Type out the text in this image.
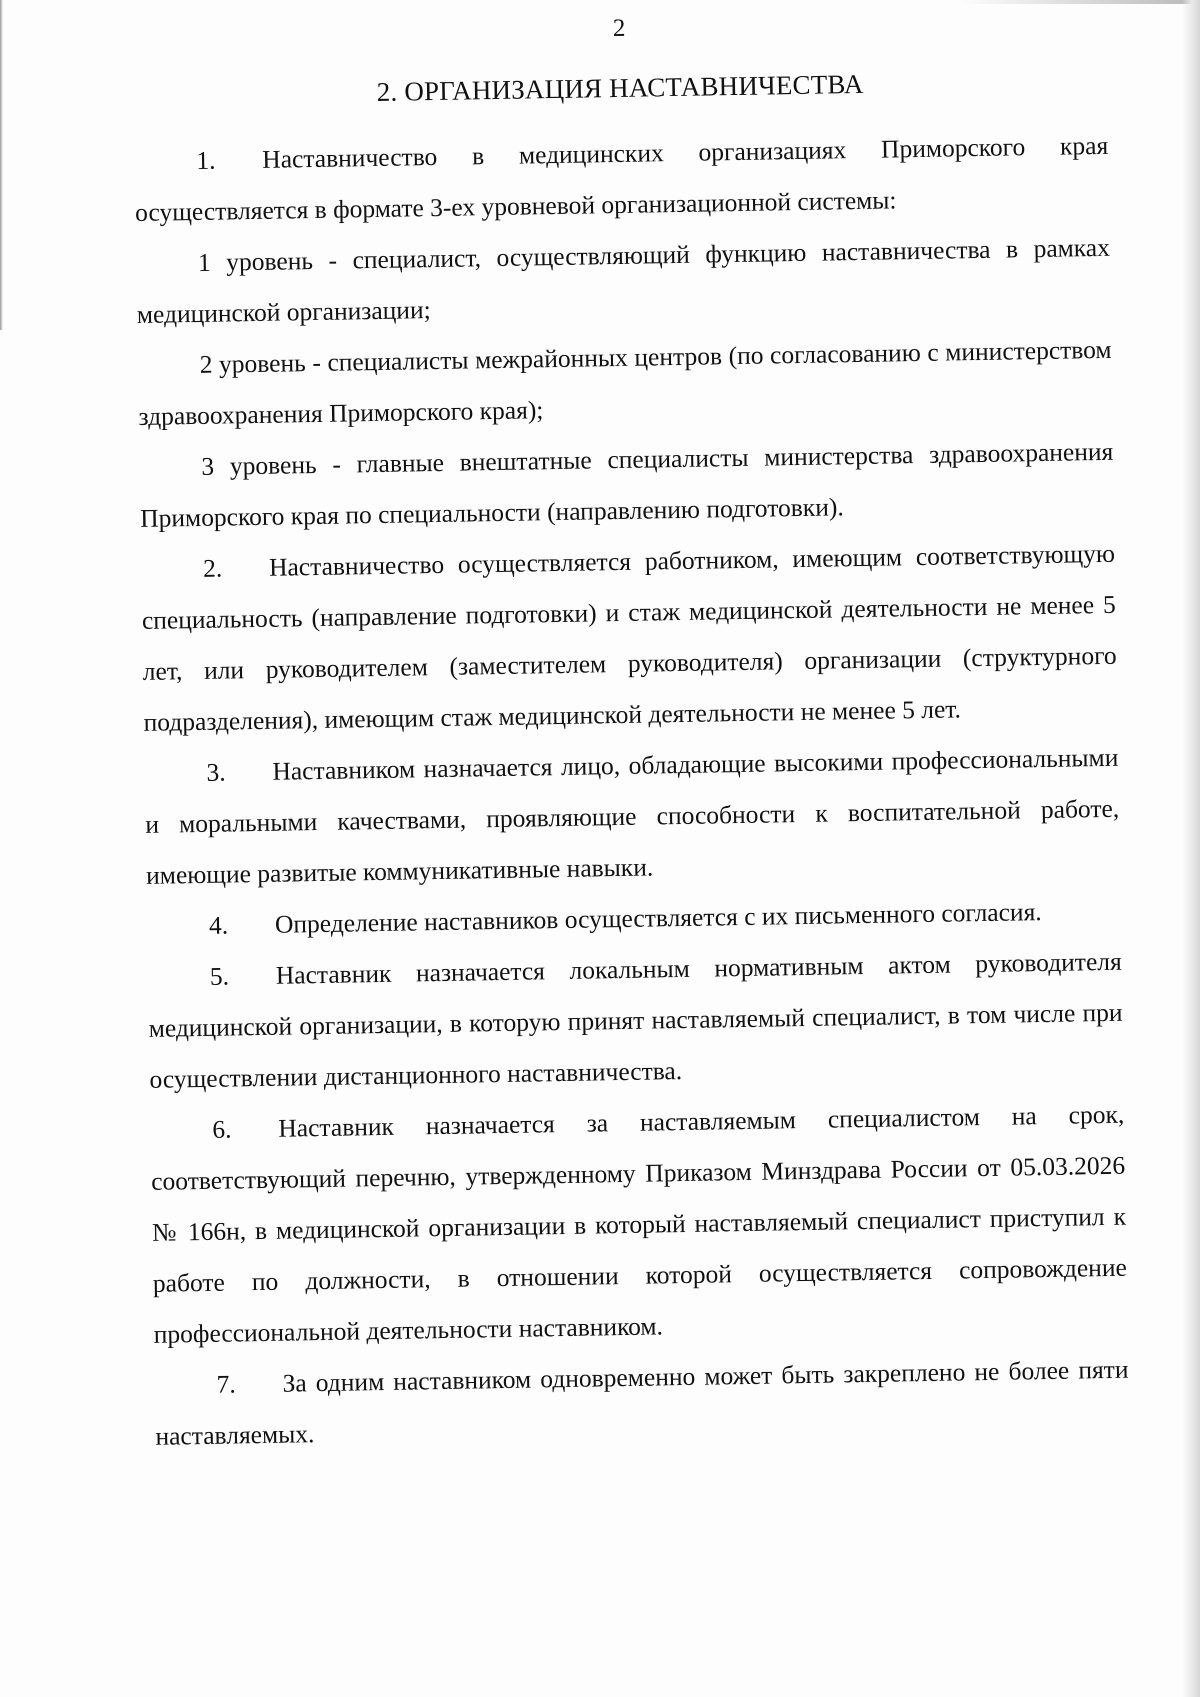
2
2. ОРГАНИЗАЦИЯ НАСТАВНИЧЕСТВА

1. Наставничество в медицинских организациях Приморского края осуществляется в формате 3-ех уровневой организационной системы:

1 уровень - специалист, осуществляющий функцию наставничества в рамках медицинской организации;

2 уровень - специалисты межрайонных центров (по согласованию с министерством здравоохранения Приморского края);

3 уровень - главные внештатные специалисты министерства здравоохранения Приморского края по специальности (направлению подготовки).

2. Наставничество осуществляется работником, имеющим соответствующую специальность (направление подготовки) и стаж медицинской деятельности не менее 5 лет, или руководителем (заместителем руководителя) организации (структурного подразделения), имеющим стаж медицинской деятельности не менее 5 лет.

3. Наставником назначается лицо, обладающие высокими профессиональными и моральными качествами, проявляющие способности к воспитательной работе, имеющие развитые коммуникативные навыки.

4. Определение наставников осуществляется с их письменного согласия.

5. Наставник назначается локальным нормативным актом руководителя медицинской организации, в которую принят наставляемый специалист, в том числе при осуществлении дистанционного наставничества.

6. Наставник назначается за наставляемым специалистом на срок, соответствующий перечню, утвержденному Приказом Минздрава России от 05.03.2026 № 166н, в медицинской организации в который наставляемый специалист приступил к работе по должности, в отношении которой осуществляется сопровождение профессиональной деятельности наставником.

7. За одним наставником одновременно может быть закреплено не более пяти наставляемых.
